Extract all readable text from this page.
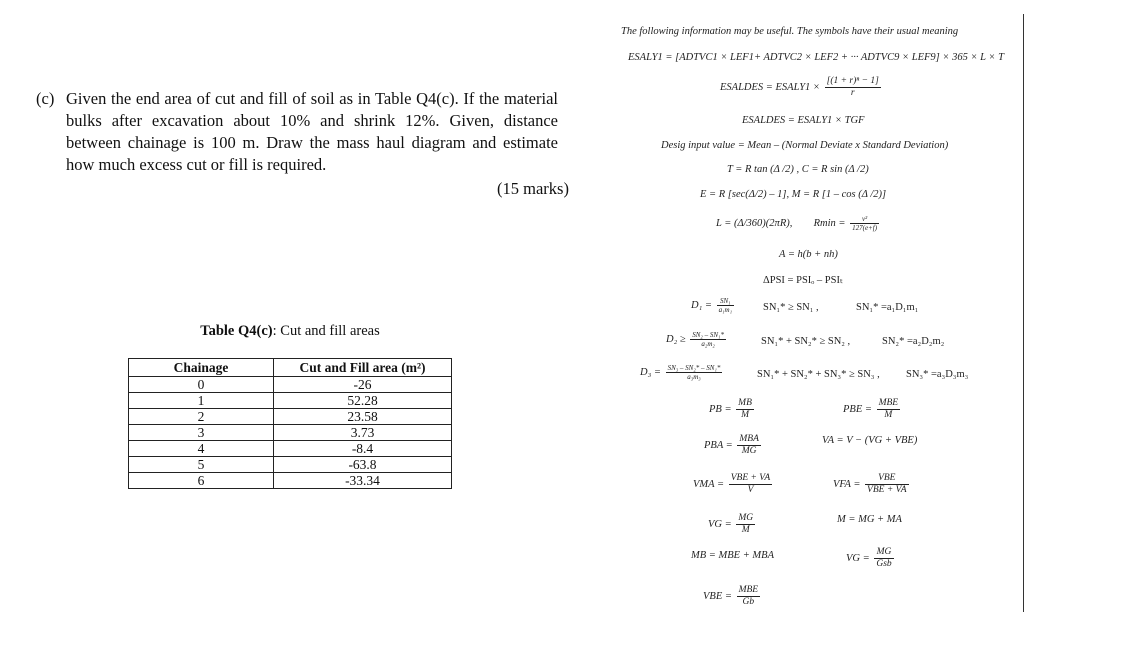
(c) Given the end area of cut and fill of soil as in Table Q4(c). If the material bulks after excavation about 10% and shrink 12%. Given, distance between chainage is 100 m. Draw the mass haul diagram and estimate how much excess cut or fill is required.
(15 marks)
Table Q4(c): Cut and fill areas
Chainage	Cut and Fill area (m²)
0	-26
1	52.28
2	23.58
3	3.73
4	-8.4
5	-63.8
6	-33.34
The following information may be useful. The symbols have their usual meaning
ESALY1 = [ADTVC1 × LEF1+ ADTVC2 × LEF2 + ··· ADTVC9 × LEF9] × 365 × L × T
ESALDES = ESALY1 × $\frac{\text{[(1 + r)ⁿ − 1]}}{r}$
ESALDES = ESALY1 × TGF
Desig input value = Mean – (Normal Deviate x Standard Deviation)
T = R tan (Δ /2) , C = R sin (Δ /2)
E = R [sec(Δ/2) – 1], M = R [1 – cos (Δ /2)]
L = (Δ/360)(2πR), $Rmin = \frac{\text{v²}}{127(e+f)}$
A = h(b + nh)
ΔPSI = PSIₒ – PSIₜ
$D_1 = \frac{\text{SN₁}}{\text{a₁m₁}}$	SN₁* ≥ SN₁ ,	SN₁* =a₁D₁m₁
$D_2 \ge \frac{\text{SN₂ – SN₁*}}{\text{a₂m₂}}$	SN₁* + SN₂* ≥ SN₂ ,	SN₂* =a₂D₂m₂
$D_3 = \frac{\text{SN₃ – SN₂* – SN₁*}}{\text{a₃m₃}}$	SN₁* + SN₂* + SN₃* ≥ SN₃ ,	SN₃* =a₃D₃m₃
PB = $\frac{MB}{M}$	PBE = $\frac{\text{MBE}}{M}$
PBA = $\frac{\text{MBA}}{MG}$	VA = V − (VG + VBE)
VMA = $\frac{\text{VBE + VA}}{V}$	VFA = $\frac{\text{VBE}}{\text{VBE + VA}}$
VG = $\frac{MG}{M}$	M = MG + MA
MB = MBE + MBA	VG = $\frac{MG}{\text{Gsb}}$
VBE = $\frac{\text{MBE}}{Gb}$
